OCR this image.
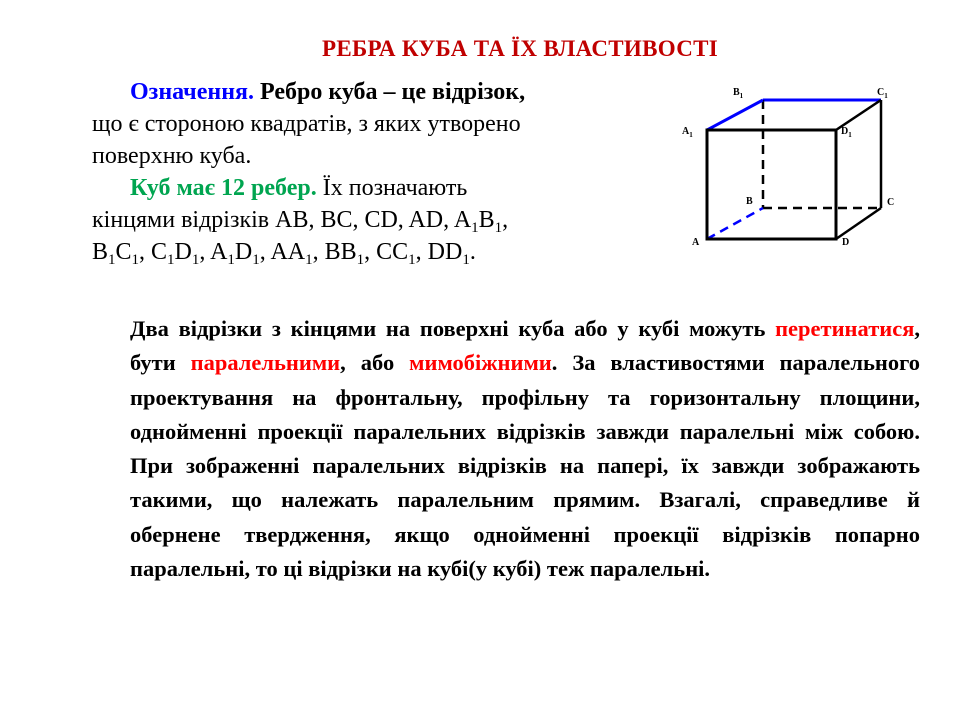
РЕБРА КУБА ТА ЇХ ВЛАСТИВОСТІ

Означення. Ребро куба – це відрізок,

що є стороною квадратів, з яких утворено

поверхню куба.

Куб має 12 ребер. Їх позначають

кінцями відрізків AB, BC, CD, AD, $A_1B_1$,

$B_1C_1$, $C_1D_1$, $A_1D_1$, $AA_1$, $BB_1$, $CC_1$, $DD_1$.

$B_1$	$C_1$
$A_1$	$D_1$
B	C
A	D

Два відрізки з кінцями на поверхні куба або у кубі можуть перетинатися, бути паралельними, або мимобіжними. За властивостями паралельного проектування на фронтальну, профільну та горизонтальну площини, однойменні проекції паралельних відрізків завжди паралельні між собою. При зображенні паралельних відрізків на папері, їх завжди зображають такими, що належать паралельним прямим. Взагалі, справедливе й обернене твердження, якщо однойменні проекції відрізків попарно паралельні, то ці відрізки на кубі(у кубі) теж паралельні.
